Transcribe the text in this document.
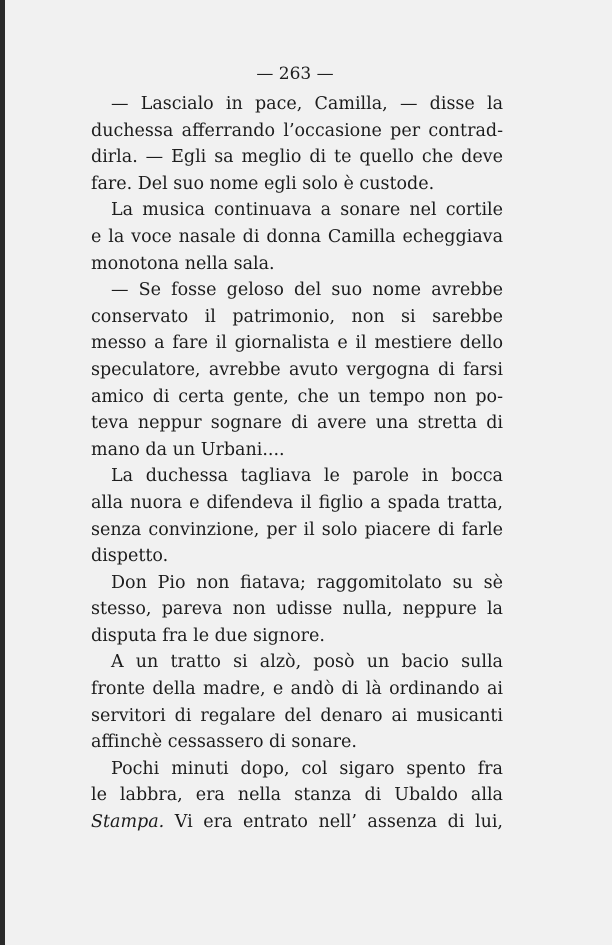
— 263 —
— Lascialo in pace, Camilla, — disse la
duchessa afferrando l’occasione per contrad-
dirla. — Egli sa meglio di te quello che deve
fare. Del suo nome egli solo è custode.
La musica continuava a sonare nel cortile
e la voce nasale di donna Camilla echeggiava
monotona nella sala.
— Se fosse geloso del suo nome avrebbe
conservato il patrimonio, non si sarebbe
messo a fare il giornalista e il mestiere dello
speculatore, avrebbe avuto vergogna di farsi
amico di certa gente, che un tempo non po-
teva neppur sognare di avere una stretta di
mano da un Urbani....
La duchessa tagliava le parole in bocca
alla nuora e difendeva il figlio a spada tratta,
senza convinzione, per il solo piacere di farle
dispetto.
Don Pio non fiatava; raggomitolato su sè
stesso, pareva non udisse nulla, neppure la
disputa fra le due signore.
A un tratto si alzò, posò un bacio sulla
fronte della madre, e andò di là ordinando ai
servitori di regalare del denaro ai musicanti
affinchè cessassero di sonare.
Pochi minuti dopo, col sigaro spento fra
le labbra, era nella stanza di Ubaldo alla
Stampa. Vi era entrato nell’ assenza di lui,
